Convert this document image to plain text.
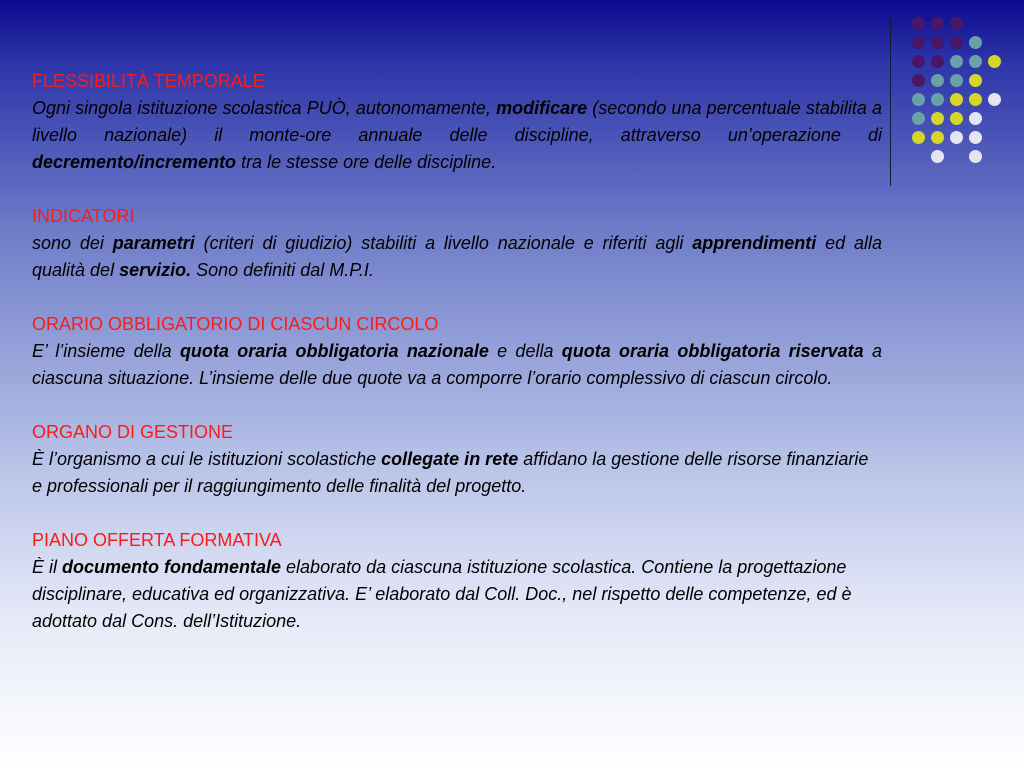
FLESSIBILITÀ TEMPORALE
Ogni singola istituzione scolastica PUÒ, autonomamente, modificare (secondo una percentuale stabilita a livello nazionale) il monte-ore annuale delle discipline, attraverso un’operazione di decremento/incremento tra le stesse ore delle discipline.
INDICATORI
sono dei parametri (criteri di giudizio) stabiliti a livello nazionale e riferiti agli apprendimenti ed alla qualità del servizio. Sono definiti dal M.P.I.
ORARIO OBBLIGATORIO DI CIASCUN CIRCOLO
E’ l’insieme della quota oraria obbligatoria nazionale e della quota oraria obbligatoria riservata a ciascuna situazione. L’insieme delle due quote va a comporre l’orario complessivo di ciascun circolo.
ORGANO DI GESTIONE
È l’organismo a cui le istituzioni scolastiche collegate in rete affidano la gestione delle risorse finanziarie e professionali per il raggiungimento delle finalità del progetto.
PIANO OFFERTA FORMATIVA
È il documento fondamentale elaborato da ciascuna istituzione scolastica. Contiene la progettazione disciplinare, educativa ed organizzativa. E’ elaborato dal Coll. Doc., nel rispetto delle competenze, ed è adottato dal Cons. dell’Istituzione.
